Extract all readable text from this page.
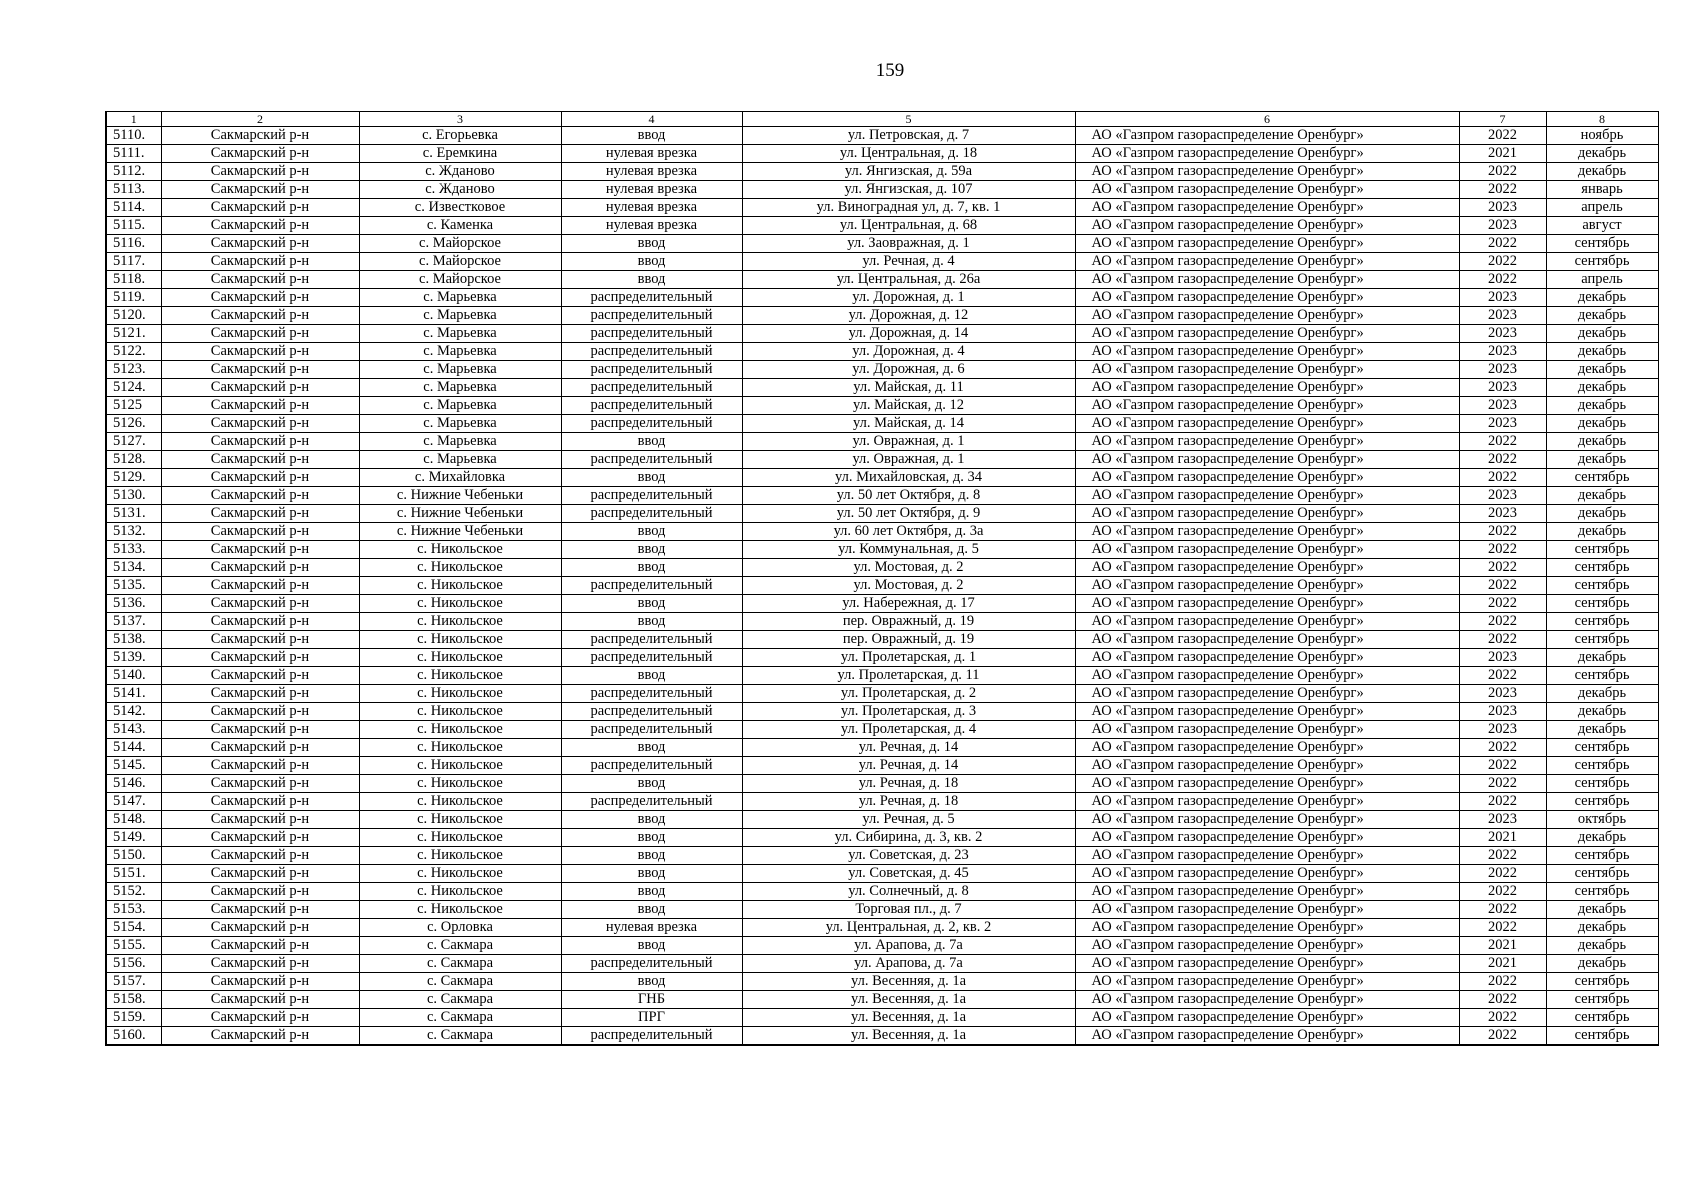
159
1	2	3	4	5	6	7	8
5110.	Сакмарский р-н	с. Егорьевка	ввод	ул. Петровская, д. 7	АО «Газпром газораспределение Оренбург»	2022	ноябрь
5111.	Сакмарский р-н	с. Еремкина	нулевая врезка	ул. Центральная, д. 18	АО «Газпром газораспределение Оренбург»	2021	декабрь
5112.	Сакмарский р-н	с. Жданово	нулевая врезка	ул. Янгизская, д. 59а	АО «Газпром газораспределение Оренбург»	2022	декабрь
5113.	Сакмарский р-н	с. Жданово	нулевая врезка	ул. Янгизская, д. 107	АО «Газпром газораспределение Оренбург»	2022	январь
5114.	Сакмарский р-н	с. Известковое	нулевая врезка	ул. Виноградная ул, д. 7, кв. 1	АО «Газпром газораспределение Оренбург»	2023	апрель
5115.	Сакмарский р-н	с. Каменка	нулевая врезка	ул. Центральная, д. 68	АО «Газпром газораспределение Оренбург»	2023	август
5116.	Сакмарский р-н	с. Майорское	ввод	ул. Заовражная, д. 1	АО «Газпром газораспределение Оренбург»	2022	сентябрь
5117.	Сакмарский р-н	с. Майорское	ввод	ул. Речная, д. 4	АО «Газпром газораспределение Оренбург»	2022	сентябрь
5118.	Сакмарский р-н	с. Майорское	ввод	ул. Центральная, д. 26а	АО «Газпром газораспределение Оренбург»	2022	апрель
5119.	Сакмарский р-н	с. Марьевка	распределительный	ул. Дорожная, д. 1	АО «Газпром газораспределение Оренбург»	2023	декабрь
5120.	Сакмарский р-н	с. Марьевка	распределительный	ул. Дорожная, д. 12	АО «Газпром газораспределение Оренбург»	2023	декабрь
5121.	Сакмарский р-н	с. Марьевка	распределительный	ул. Дорожная, д. 14	АО «Газпром газораспределение Оренбург»	2023	декабрь
5122.	Сакмарский р-н	с. Марьевка	распределительный	ул. Дорожная, д. 4	АО «Газпром газораспределение Оренбург»	2023	декабрь
5123.	Сакмарский р-н	с. Марьевка	распределительный	ул. Дорожная, д. 6	АО «Газпром газораспределение Оренбург»	2023	декабрь
5124.	Сакмарский р-н	с. Марьевка	распределительный	ул. Майская, д. 11	АО «Газпром газораспределение Оренбург»	2023	декабрь
5125	Сакмарский р-н	с. Марьевка	распределительный	ул. Майская, д. 12	АО «Газпром газораспределение Оренбург»	2023	декабрь
5126.	Сакмарский р-н	с. Марьевка	распределительный	ул. Майская, д. 14	АО «Газпром газораспределение Оренбург»	2023	декабрь
5127.	Сакмарский р-н	с. Марьевка	ввод	ул. Овражная, д. 1	АО «Газпром газораспределение Оренбург»	2022	декабрь
5128.	Сакмарский р-н	с. Марьевка	распределительный	ул. Овражная, д. 1	АО «Газпром газораспределение Оренбург»	2022	декабрь
5129.	Сакмарский р-н	с. Михайловка	ввод	ул. Михайловская, д. 34	АО «Газпром газораспределение Оренбург»	2022	сентябрь
5130.	Сакмарский р-н	с. Нижние Чебеньки	распределительный	ул. 50 лет Октября, д. 8	АО «Газпром газораспределение Оренбург»	2023	декабрь
5131.	Сакмарский р-н	с. Нижние Чебеньки	распределительный	ул. 50 лет Октября, д. 9	АО «Газпром газораспределение Оренбург»	2023	декабрь
5132.	Сакмарский р-н	с. Нижние Чебеньки	ввод	ул. 60 лет Октября, д. 3а	АО «Газпром газораспределение Оренбург»	2022	декабрь
5133.	Сакмарский р-н	с. Никольское	ввод	ул. Коммунальная, д. 5	АО «Газпром газораспределение Оренбург»	2022	сентябрь
5134.	Сакмарский р-н	с. Никольское	ввод	ул. Мостовая, д. 2	АО «Газпром газораспределение Оренбург»	2022	сентябрь
5135.	Сакмарский р-н	с. Никольское	распределительный	ул. Мостовая, д. 2	АО «Газпром газораспределение Оренбург»	2022	сентябрь
5136.	Сакмарский р-н	с. Никольское	ввод	ул. Набережная, д. 17	АО «Газпром газораспределение Оренбург»	2022	сентябрь
5137.	Сакмарский р-н	с. Никольское	ввод	пер. Овражный, д. 19	АО «Газпром газораспределение Оренбург»	2022	сентябрь
5138.	Сакмарский р-н	с. Никольское	распределительный	пер. Овражный, д. 19	АО «Газпром газораспределение Оренбург»	2022	сентябрь
5139.	Сакмарский р-н	с. Никольское	распределительный	ул. Пролетарская, д. 1	АО «Газпром газораспределение Оренбург»	2023	декабрь
5140.	Сакмарский р-н	с. Никольское	ввод	ул. Пролетарская, д. 11	АО «Газпром газораспределение Оренбург»	2022	сентябрь
5141.	Сакмарский р-н	с. Никольское	распределительный	ул. Пролетарская, д. 2	АО «Газпром газораспределение Оренбург»	2023	декабрь
5142.	Сакмарский р-н	с. Никольское	распределительный	ул. Пролетарская, д. 3	АО «Газпром газораспределение Оренбург»	2023	декабрь
5143.	Сакмарский р-н	с. Никольское	распределительный	ул. Пролетарская, д. 4	АО «Газпром газораспределение Оренбург»	2023	декабрь
5144.	Сакмарский р-н	с. Никольское	ввод	ул. Речная, д. 14	АО «Газпром газораспределение Оренбург»	2022	сентябрь
5145.	Сакмарский р-н	с. Никольское	распределительный	ул. Речная, д. 14	АО «Газпром газораспределение Оренбург»	2022	сентябрь
5146.	Сакмарский р-н	с. Никольское	ввод	ул. Речная, д. 18	АО «Газпром газораспределение Оренбург»	2022	сентябрь
5147.	Сакмарский р-н	с. Никольское	распределительный	ул. Речная, д. 18	АО «Газпром газораспределение Оренбург»	2022	сентябрь
5148.	Сакмарский р-н	с. Никольское	ввод	ул. Речная, д. 5	АО «Газпром газораспределение Оренбург»	2023	октябрь
5149.	Сакмарский р-н	с. Никольское	ввод	ул. Сибирина, д. 3, кв. 2	АО «Газпром газораспределение Оренбург»	2021	декабрь
5150.	Сакмарский р-н	с. Никольское	ввод	ул. Советская, д. 23	АО «Газпром газораспределение Оренбург»	2022	сентябрь
5151.	Сакмарский р-н	с. Никольское	ввод	ул. Советская, д. 45	АО «Газпром газораспределение Оренбург»	2022	сентябрь
5152.	Сакмарский р-н	с. Никольское	ввод	ул. Солнечный, д. 8	АО «Газпром газораспределение Оренбург»	2022	сентябрь
5153.	Сакмарский р-н	с. Никольское	ввод	Торговая пл., д. 7	АО «Газпром газораспределение Оренбург»	2022	декабрь
5154.	Сакмарский р-н	с. Орловка	нулевая врезка	ул. Центральная, д. 2, кв. 2	АО «Газпром газораспределение Оренбург»	2022	декабрь
5155.	Сакмарский р-н	с. Сакмара	ввод	ул. Арапова, д. 7а	АО «Газпром газораспределение Оренбург»	2021	декабрь
5156.	Сакмарский р-н	с. Сакмара	распределительный	ул. Арапова, д. 7а	АО «Газпром газораспределение Оренбург»	2021	декабрь
5157.	Сакмарский р-н	с. Сакмара	ввод	ул. Весенняя, д. 1а	АО «Газпром газораспределение Оренбург»	2022	сентябрь
5158.	Сакмарский р-н	с. Сакмара	ГНБ	ул. Весенняя, д. 1а	АО «Газпром газораспределение Оренбург»	2022	сентябрь
5159.	Сакмарский р-н	с. Сакмара	ПРГ	ул. Весенняя, д. 1а	АО «Газпром газораспределение Оренбург»	2022	сентябрь
5160.	Сакмарский р-н	с. Сакмара	распределительный	ул. Весенняя, д. 1а	АО «Газпром газораспределение Оренбург»	2022	сентябрь
